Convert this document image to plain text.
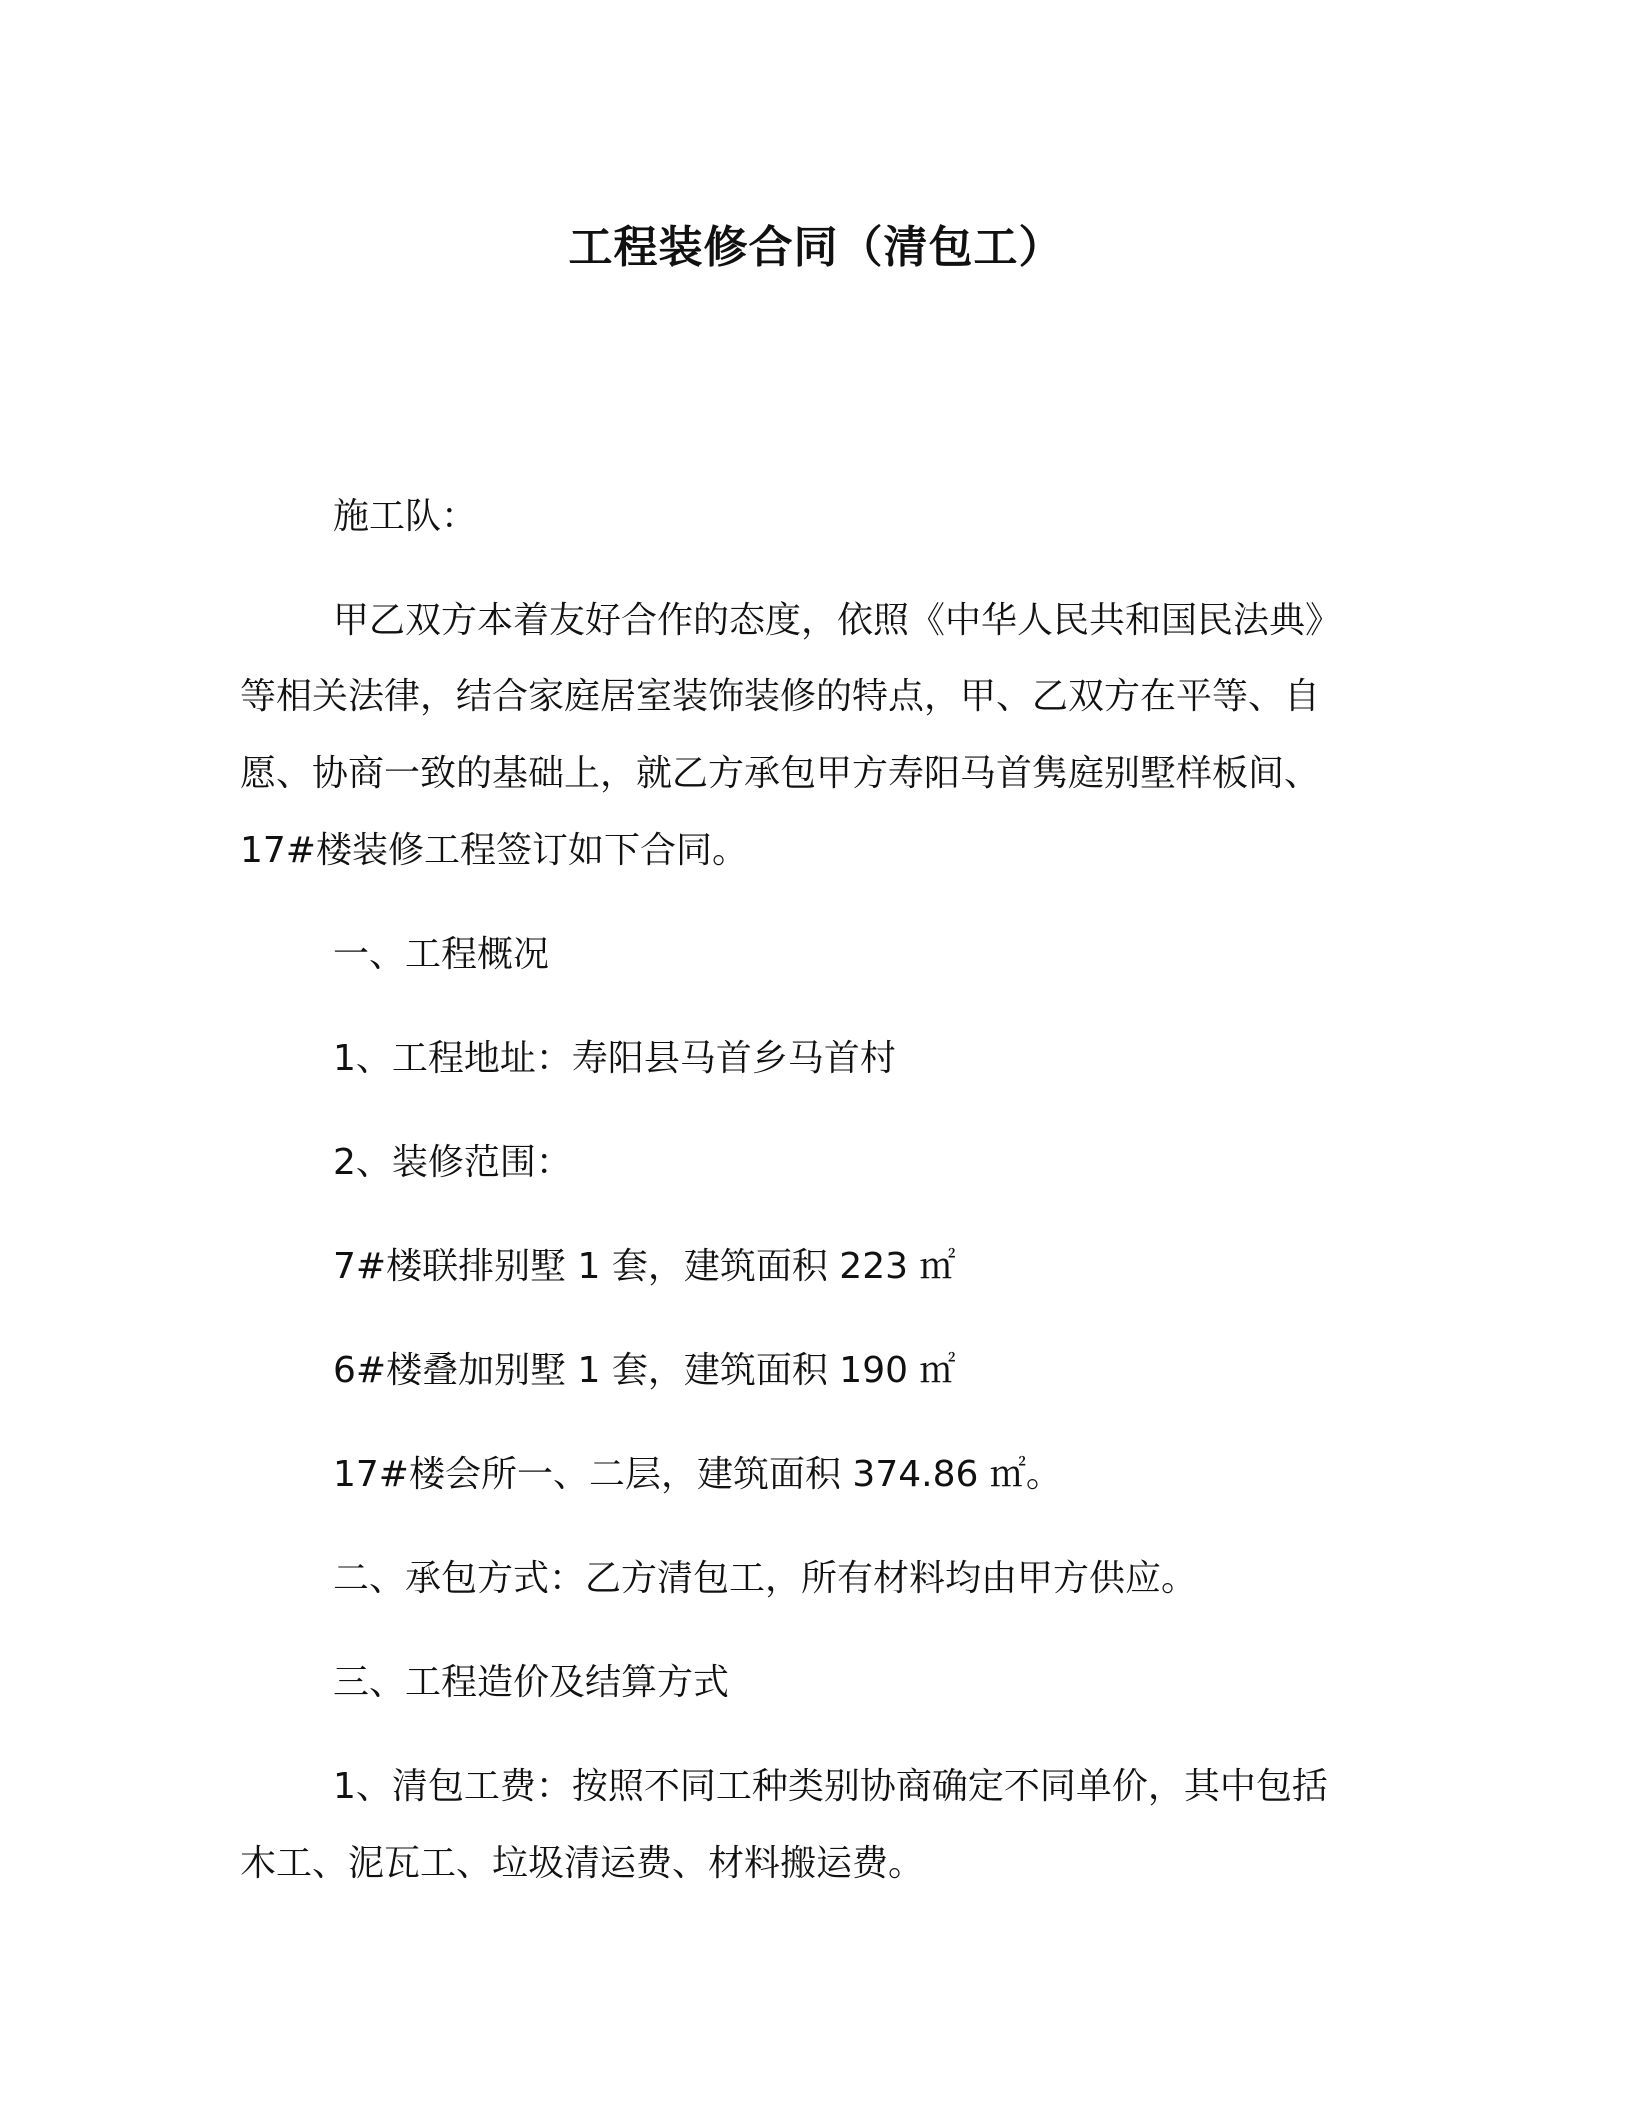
工程装修合同（清包工）
施工队：
甲乙双方本着友好合作的态度，依照《中华人民共和国民法典》
等相关法律，结合家庭居室装饰装修的特点，甲、乙双方在平等、自
愿、协商一致的基础上，就乙方承包甲方寿阳马首隽庭别墅样板间、
17#楼装修工程签订如下合同。
一、工程概况
1、工程地址：寿阳县马首乡马首村
2、装修范围：
7#楼联排别墅 1 套，建筑面积 223 ㎡
6#楼叠加别墅 1 套，建筑面积 190 ㎡
17#楼会所一、二层，建筑面积 374.86 ㎡。
二、承包方式：乙方清包工，所有材料均由甲方供应。
三、工程造价及结算方式
1、清包工费：按照不同工种类别协商确定不同单价，其中包括
木工、泥瓦工、垃圾清运费、材料搬运费。
